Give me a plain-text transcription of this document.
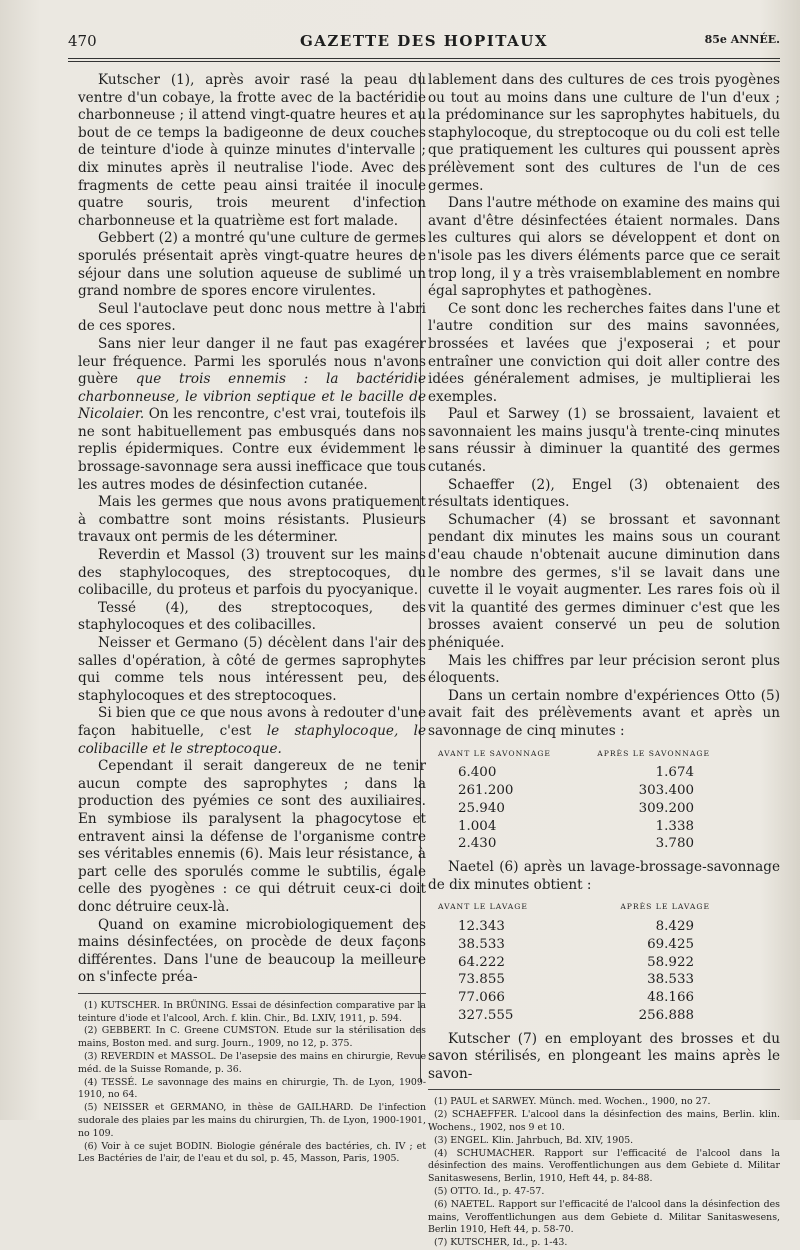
470	GAZETTE DES HOPITAUX	85e ANNÉE.

Kutscher (1), après avoir rasé la peau du ventre d'un cobaye, la frotte avec de la bactéridie charbonneuse ; il attend vingt-quatre heures et au bout de ce temps la badigeonne de deux couches de teinture d'iode à quinze minutes d'intervalle ; dix minutes après il neutralise l'iode. Avec des fragments de cette peau ainsi traitée il inocule quatre souris, trois meurent d'infection charbonneuse et la quatrième est fort malade.

Gebbert (2) a montré qu'une culture de germes sporulés présentait après vingt-quatre heures de séjour dans une solution aqueuse de sublimé un grand nombre de spores encore virulentes.

Seul l'autoclave peut donc nous mettre à l'abri de ces spores.

Sans nier leur danger il ne faut pas exagérer leur fréquence. Parmi les sporulés nous n'avons guère que trois ennemis : la bactéridie charbonneuse, le vibrion septique et le bacille de Nicolaier. On les rencontre, c'est vrai, toutefois ils ne sont habituellement pas embusqués dans nos replis épidermiques. Contre eux évidemment le brossage-savonnage sera aussi inefficace que tous les autres modes de désinfection cutanée.

Mais les germes que nous avons pratiquement à combattre sont moins résistants. Plusieurs travaux ont permis de les déterminer.

Reverdin et Massol (3) trouvent sur les mains des staphylocoques, des streptocoques, du colibacille, du proteus et parfois du pyocyanique.

Tessé (4), des streptocoques, des staphylocoques et des colibacilles.

Neisser et Germano (5) décèlent dans l'air des salles d'opération, à côté de germes saprophytes qui comme tels nous intéressent peu, des staphylocoques et des streptocoques.

Si bien que ce que nous avons à redouter d'une façon habituelle, c'est le staphylocoque, le colibacille et le streptocoque.

Cependant il serait dangereux de ne tenir aucun compte des saprophytes ; dans la production des pyémies ce sont des auxiliaires. En symbiose ils paralysent la phagocytose et entravent ainsi la défense de l'organisme contre ses véritables ennemis (6). Mais leur résistance, à part celle des sporulés comme le subtilis, égale celle des pyogènes : ce qui détruit ceux-ci doit donc détruire ceux-là.

Quand on examine microbiologiquement des mains désinfectées, on procède de deux façons différentes. Dans l'une de beaucoup la meilleure on s'infecte préa-

(1) KUTSCHER. In BRÜNING. Essai de désinfection comparative par la teinture d'iode et l'alcool, Arch. f. klin. Chir., Bd. LXIV, 1911, p. 594.

(2) GEBBERT. In C. Greene CUMSTON. Etude sur la stérilisation des mains, Boston med. and surg. Journ., 1909, no 12, p. 375.

(3) REVERDIN et MASSOL. De l'asepsie des mains en chirurgie, Revue méd. de la Suisse Romande, p. 36.

(4) TESSÉ. Le savonnage des mains en chirurgie, Th. de Lyon, 1909-1910, no 64.

(5) NEISSER et GERMANO, in thèse de GAILHARD. De l'infection sudorale des plaies par les mains du chirurgien, Th. de Lyon, 1900-1901, no 109.

(6) Voir à ce sujet BODIN. Biologie générale des bactéries, ch. IV ; et Les Bactéries de l'air, de l'eau et du sol, p. 45, Masson, Paris, 1905.

lablement dans des cultures de ces trois pyogènes ou tout au moins dans une culture de l'un d'eux ; la prédominance sur les saprophytes habituels, du staphylocoque, du streptocoque ou du coli est telle que pratiquement les cultures qui poussent après prélèvement sont des cultures de l'un de ces germes.

Dans l'autre méthode on examine des mains qui avant d'être désinfectées étaient normales. Dans les cultures qui alors se développent et dont on n'isole pas les divers éléments parce que ce serait trop long, il y a très vraisemblablement en nombre égal saprophytes et pathogènes.

Ce sont donc les recherches faites dans l'une et l'autre condition sur des mains savonnées, brossées et lavées que j'exposerai ; et pour entraîner une conviction qui doit aller contre des idées généralement admises, je multiplierai les exemples.

Paul et Sarwey (1) se brossaient, lavaient et savonnaient les mains jusqu'à trente-cinq minutes sans réussir à diminuer la quantité des germes cutanés.

Schaeffer (2), Engel (3) obtenaient des résultats identiques.

Schumacher (4) se brossant et savonnant pendant dix minutes les mains sous un courant d'eau chaude n'obtenait aucune diminution dans le nombre des germes, s'il se lavait dans une cuvette il le voyait augmenter. Les rares fois où il vit la quantité des germes diminuer c'est que les brosses avaient conservé un peu de solution phéniquée.

Mais les chiffres par leur précision seront plus éloquents.

Dans un certain nombre d'expériences Otto (5) avait fait des prélèvements avant et après un savonnage de cinq minutes :

AVANT LE SAVONNAGE	APRÈS LE SAVONNAGE
6.400	1.674
261.200	303.400
25.940	309.200
1.004	1.338
2.430	3.780

Naetel (6) après un lavage-brossage-savonnage de dix minutes obtient :

AVANT LE LAVAGE	APRÈS LE LAVAGE
12.343	8.429
38.533	69.425
64.222	58.922
73.855	38.533
77.066	48.166
327.555	256.888

Kutscher (7) en employant des brosses et du savon stérilisés, en plongeant les mains après le savon-

(1) PAUL et SARWEY. Münch. med. Wochen., 1900, no 27.

(2) SCHAEFFER. L'alcool dans la désinfection des mains, Berlin. klin. Wochens., 1902, nos 9 et 10.

(3) ENGEL. Klin. Jahrbuch, Bd. XIV, 1905.

(4) SCHUMACHER. Rapport sur l'efficacité de l'alcool dans la désinfection des mains. Veroffentlichungen aus dem Gebiete d. Militar Sanitaswesens, Berlin, 1910, Heft 44, p. 84-88.

(5) OTTO. Id., p. 47-57.

(6) NAETEL. Rapport sur l'efficacité de l'alcool dans la désinfection des mains, Veroffentlichungen aus dem Gebiete d. Militar Sanitaswesens, Berlin 1910, Heft 44, p. 58-70.

(7) KUTSCHER, Id., p. 1-43.
